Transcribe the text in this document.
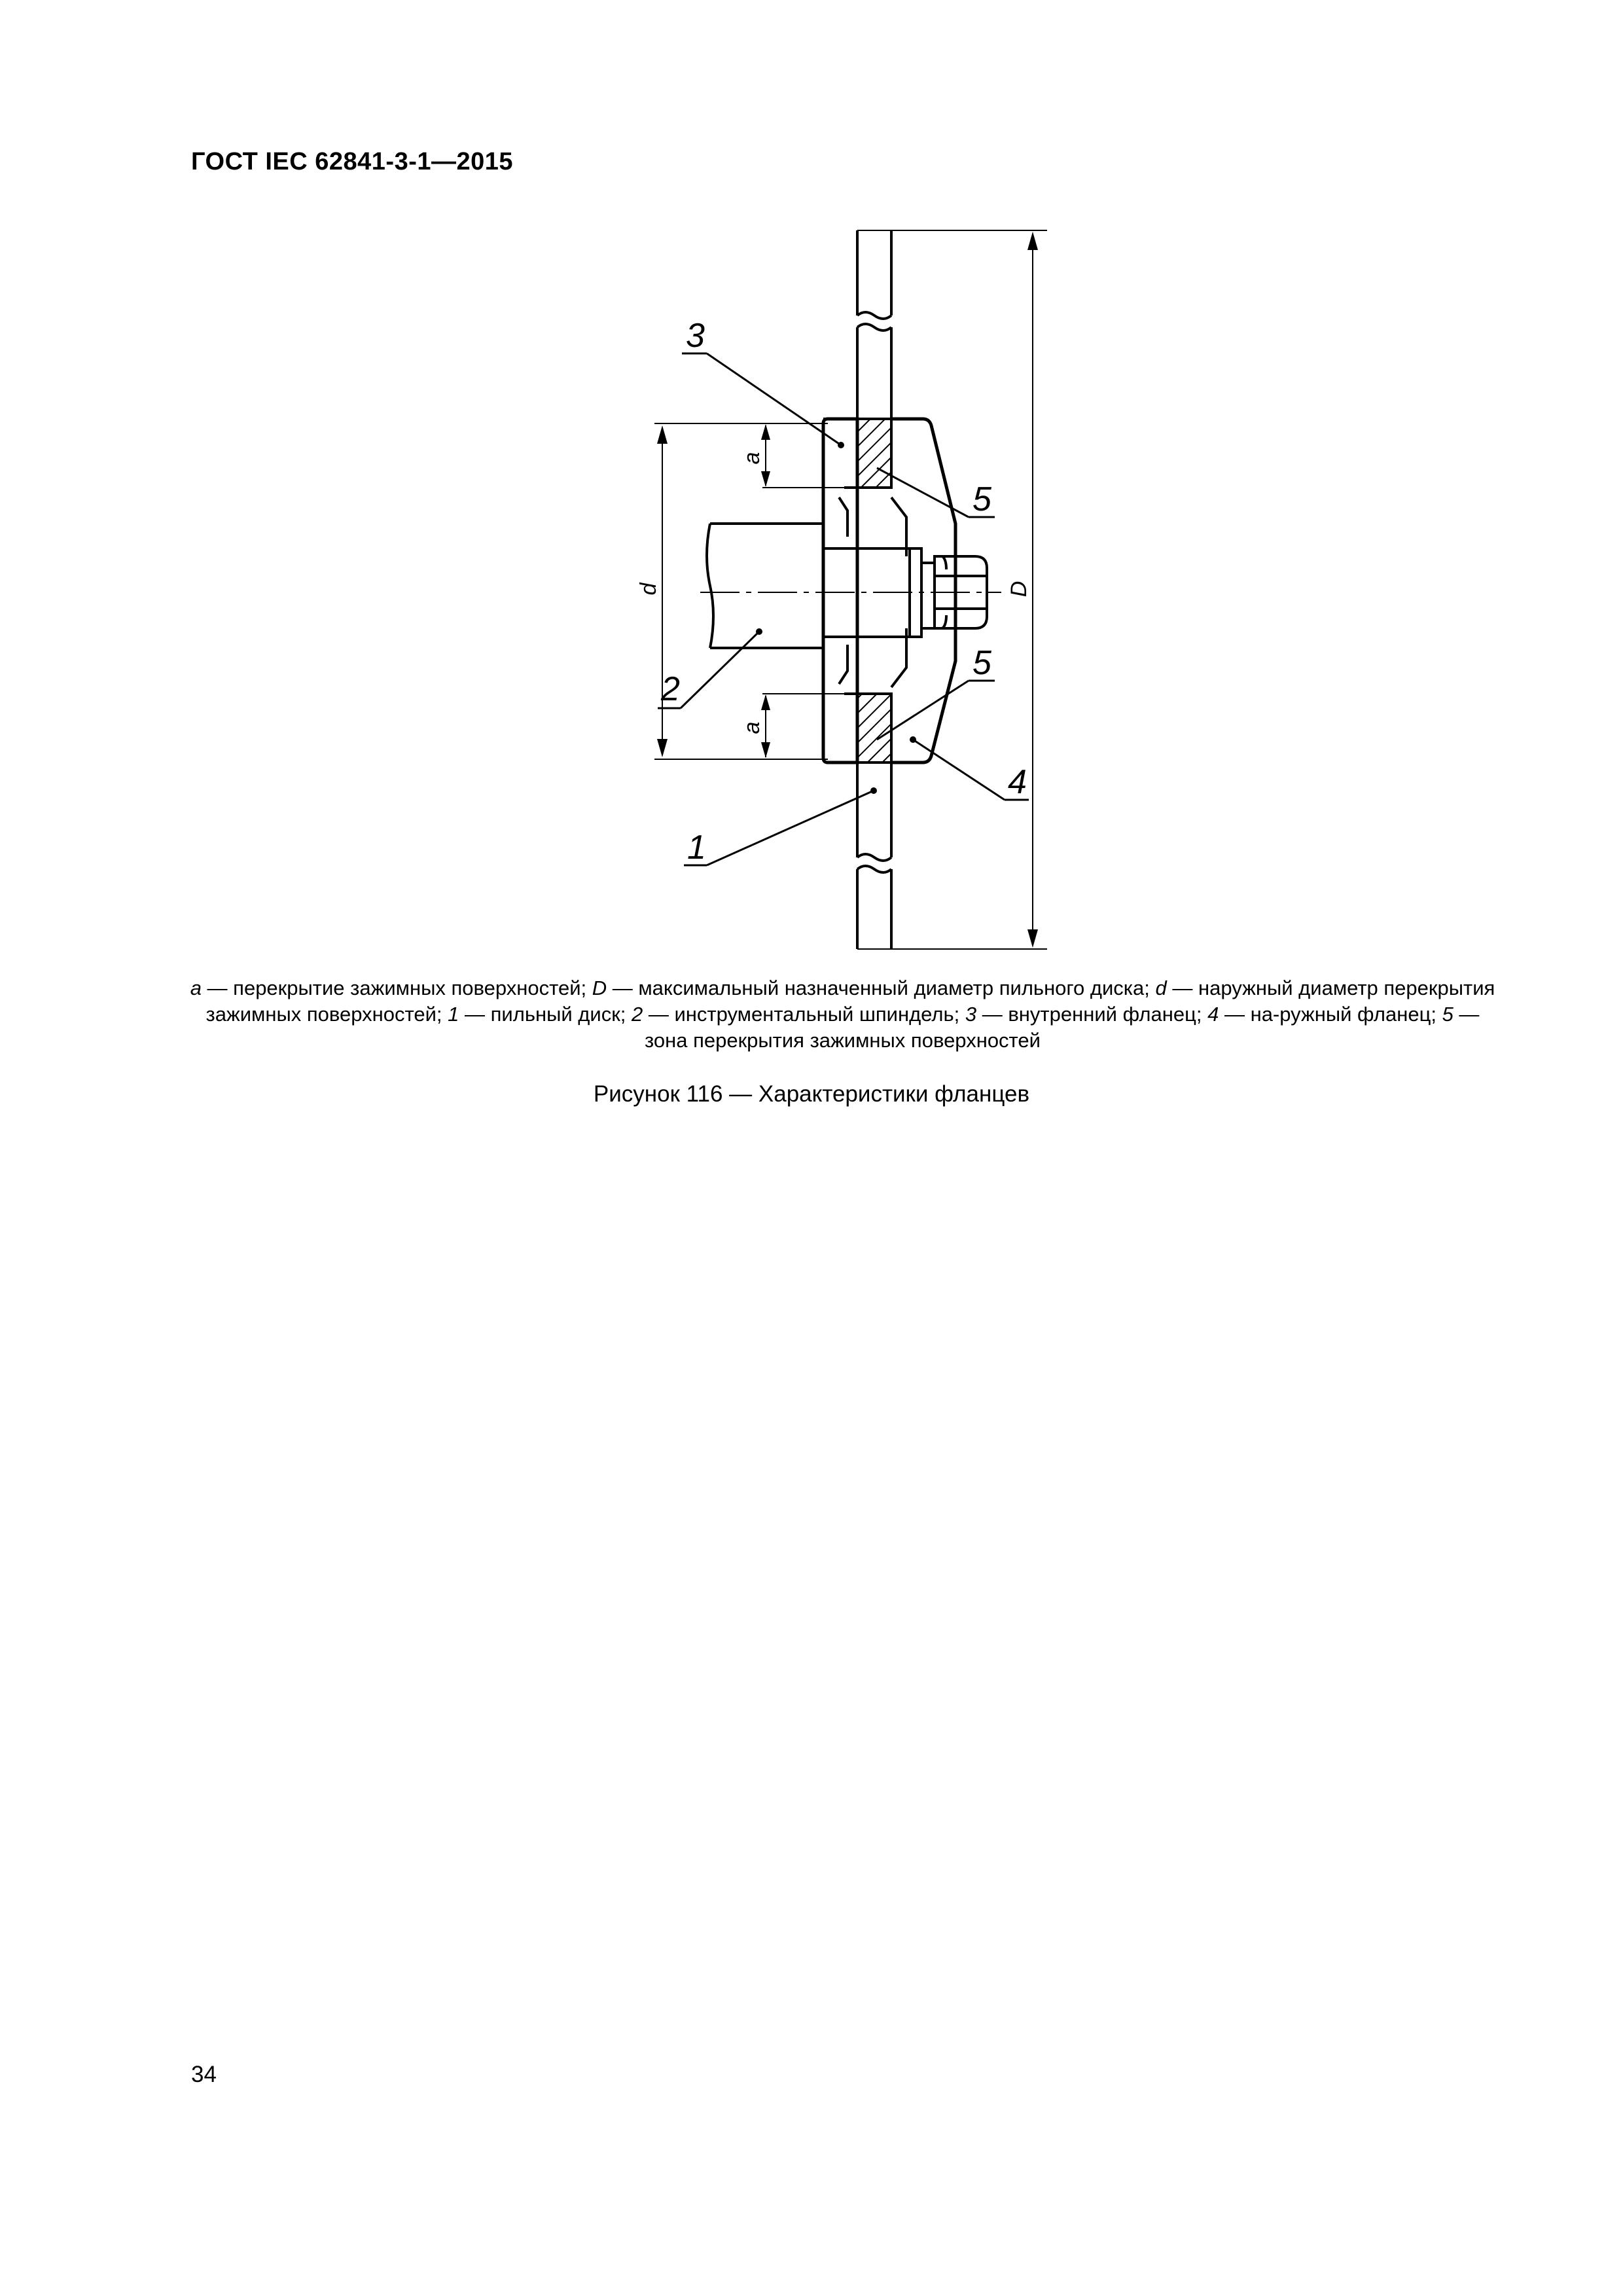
ГОСТ IEC 62841-3-1—2015
3
2
1
4
5
5
a
a
d	D
a — перекрытие зажимных поверхностей; D — максимальный назначенный диаметр пильного диска; d — наружный диаметр перекрытия зажимных поверхностей; 1 — пильный диск; 2 — инструментальный шпиндель; 3 — внутренний фланец; 4 — на-ружный фланец; 5 — зона перекрытия зажимных поверхностей
Рисунок 116 — Характеристики фланцев
34
